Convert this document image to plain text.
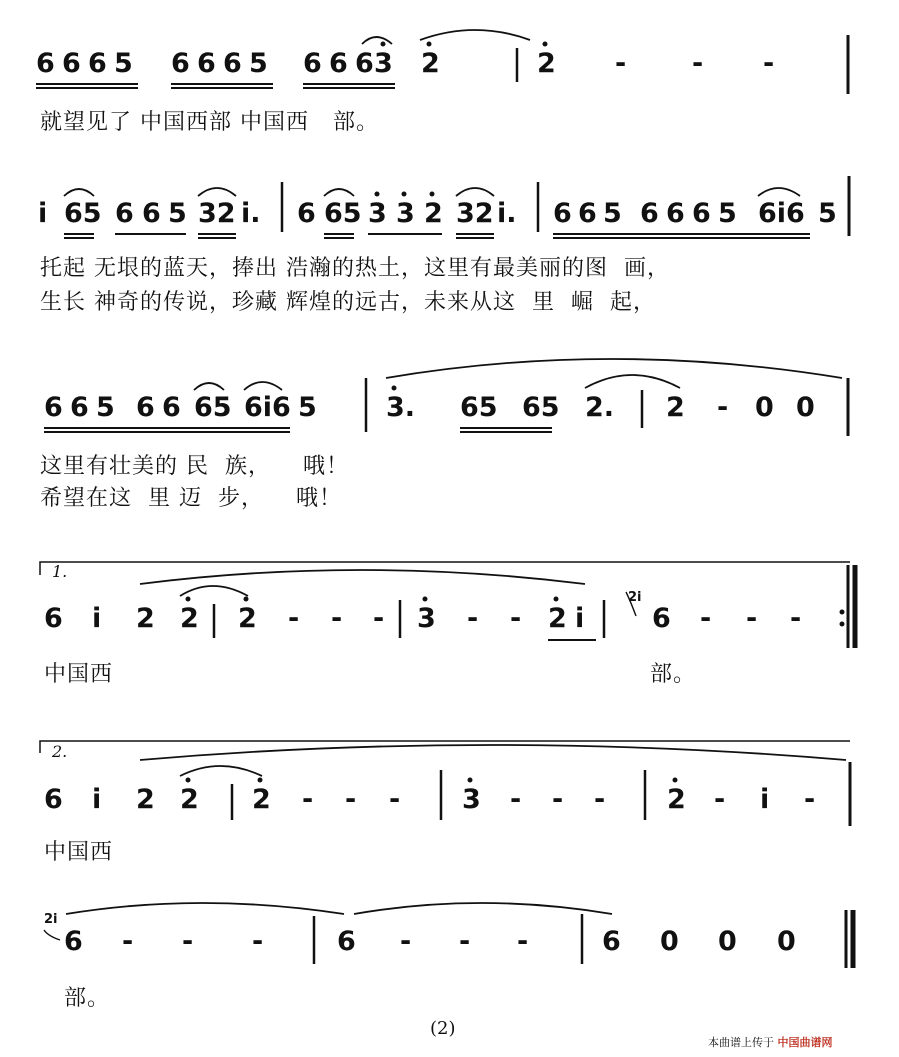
6 6 6 5 6 6 6 5 6 6 6 3 2	2 - - -
就望见了 中国西部 中国西   部。
i 65 6 6 5 32 i. 6 65 3 3 2 32 i. 6 6 5 6 6 6 5 6i6 5
托起 无垠的蓝天，捧出 浩瀚的热土，这里有最美丽的图  画，
生长 神奇的传说，珍藏 辉煌的远古，未来从这  里  崛  起，
6 6 5 6 6 65 6i6 5	3. 65 65 2. 2 - 0 0
这里有壮美的 民  族，    哦！
希望在这  里 迈  步，    哦！
1.
6 i 2 2 2 - - - 3 - - 2 i	6 - - -
2i
中国西	部。
2.
6 i 2 2 2 - - - 3 - - - 2 - i -
中国西
6 - - -	6 - - -	6 0 0 0
2i
部。
(2)
本曲谱上传于 中国曲谱网
